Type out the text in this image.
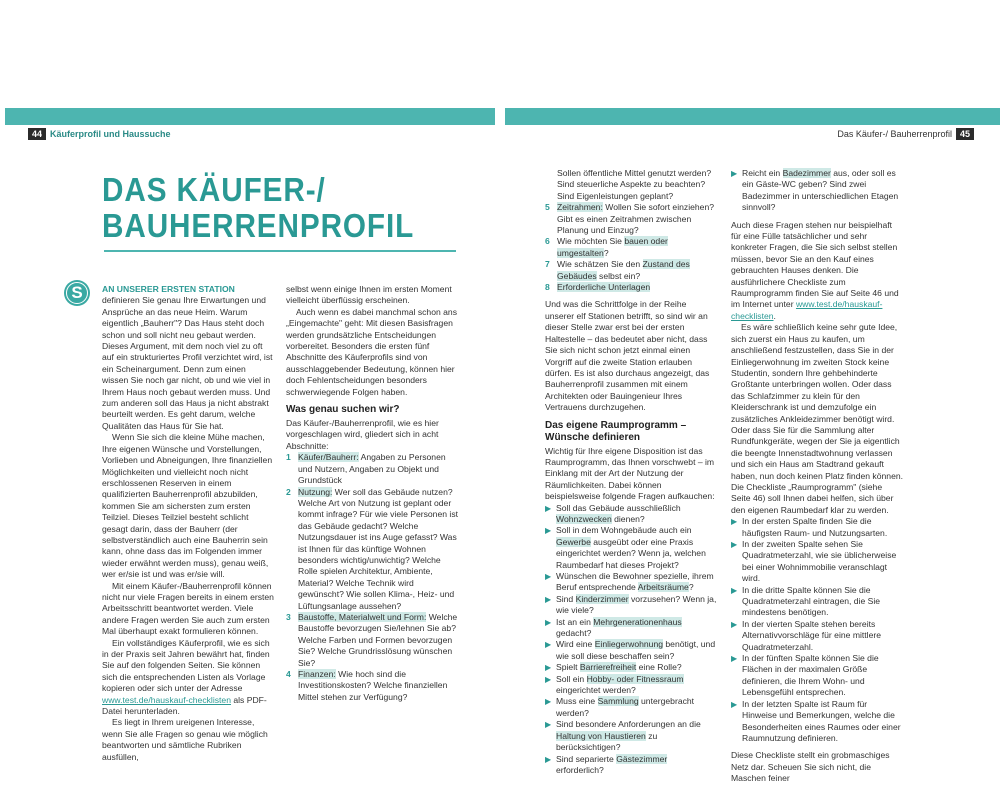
44 Käuferprofil und Haussuche	Das Käufer-/ Bauherrenprofil 45
DAS KÄUFER-/
BAUHERRENPROFIL
S	AN UNSERER ERSTEN STATION definieren Sie genau Ihre Erwartungen und Ansprüche an das neue Heim. Warum eigentlich „Bauherr"? Das Haus steht doch schon und soll nicht neu gebaut werden. Dieses Argument, mit dem noch viel zu oft auf ein strukturiertes Profil verzichtet wird, ist ein Scheinargument. Denn zum einen wissen Sie noch gar nicht, ob und wie viel in Ihrem Haus noch gebaut werden muss. Und zum anderen soll das Haus ja nicht abstrakt beurteilt werden. Es geht darum, welche Qualitäten das Haus für Sie hat.

Wenn Sie sich die kleine Mühe machen, Ihre eigenen Wünsche und Vorstellungen, Vorlieben und Abneigungen, Ihre finanziellen Möglichkeiten und vielleicht noch nicht erschlossenen Reserven in einem qualifizierten Bauherrenprofil abzubilden, kommen Sie am sichersten zum ersten Teilziel. Dieses Teilziel besteht schlicht gesagt darin, dass der Bauherr (der selbstverständlich auch eine Bauherrin sein kann, ohne dass das im Folgenden immer wieder erwähnt werden muss), genau weiß, wer er/sie ist und was er/sie will.

Mit einem Käufer-/Bauherrenprofil können nicht nur viele Fragen bereits in einem ersten Arbeitsschritt beantwortet werden. Viele andere Fragen werden Sie auch zum ersten Mal überhaupt exakt formulieren können.

Ein vollständiges Käuferprofil, wie es sich in der Praxis seit Jahren bewährt hat, finden Sie auf den folgenden Seiten. Sie können sich die entsprechenden Listen als Vorlage kopieren oder sich unter der Adresse www.test.de/hauskauf-checklisten als PDF-Datei herunterladen.

Es liegt in Ihrem ureigenen Interesse, wenn Sie alle Fragen so genau wie möglich beantworten und sämtliche Rubriken ausfüllen,

selbst wenn einige Ihnen im ersten Moment vielleicht überflüssig erscheinen.

Auch wenn es dabei manchmal schon ans „Eingemachte" geht: Mit diesen Basisfragen werden grundsätzliche Entscheidungen vorbereitet. Besonders die ersten fünf Abschnitte des Käuferprofils sind von ausschlaggebender Bedeutung, können hier doch Fehlentscheidungen besonders schwerwiegende Folgen haben.

Was genau suchen wir?

Das Käufer-/Bauherrenprofil, wie es hier vorgeschlagen wird, gliedert sich in acht Abschnitte:

1 Käufer/Bauherr: Angaben zu Personen und Nutzern, Angaben zu Objekt und Grundstück
2 Nutzung: Wer soll das Gebäude nutzen? Welche Art von Nutzung ist geplant oder kommt infrage? Für wie viele Personen ist das Gebäude gedacht? Welche Nutzungsdauer ist ins Auge gefasst? Was ist Ihnen für das künftige Wohnen besonders wichtig/unwichtig? Welche Rolle spielen Architektur, Ambiente, Material? Welche Technik wird gewünscht? Wie sollen Klima-, Heiz- und Lüftungsanlage aussehen?
3 Baustoffe, Materialwelt und Form: Welche Baustoffe bevorzugen Sie/lehnen Sie ab? Welche Farben und Formen bevorzugen Sie? Welche Grundrisslösung wünschen Sie?
4 Finanzen: Wie hoch sind die Investitionskosten? Welche finanziellen Mittel stehen zur Verfügung?

Sollen öffentliche Mittel genutzt werden? Sind steuerliche Aspekte zu beachten? Sind Eigenleistungen geplant?

5 Zeitrahmen: Wollen Sie sofort einziehen? Gibt es einen Zeitrahmen zwischen Planung und Einzug?
6 Wie möchten Sie bauen oder umgestalten?
7 Wie schätzen Sie den Zustand des Gebäudes selbst ein?
8 Erforderliche Unterlagen

Und was die Schrittfolge in der Reihe unserer elf Stationen betrifft, so sind wir an dieser Stelle zwar erst bei der ersten Haltestelle – das bedeutet aber nicht, dass Sie sich nicht schon jetzt einmal einen Vorgriff auf die zweite Station erlauben dürfen. Es ist also durchaus angezeigt, das Bauherrenprofil zusammen mit einem Architekten oder Bauingenieur Ihres Vertrauens durchzugehen.

Das eigene Raumprogramm – Wünsche definieren

Wichtig für Ihre eigene Disposition ist das Raumprogramm, das Ihnen vorschwebt – im Einklang mit der Art der Nutzung der Räumlichkeiten. Dabei können beispielsweise folgende Fragen aufkauchen:

▶ Soll das Gebäude ausschließlich Wohnzwecken dienen?
▶ Soll in dem Wohngebäude auch ein Gewerbe ausgeübt oder eine Praxis eingerichtet werden? Wenn ja, welchen Raumbedarf hat dieses Projekt?
▶ Wünschen die Bewohner spezielle, ihrem Beruf entsprechende Arbeitsräume?
▶ Sind Kinderzimmer vorzusehen? Wenn ja, wie viele?
▶ Ist an ein Mehrgenerationenhaus gedacht?
▶ Wird eine Einliegerwohnung benötigt, und wie soll diese beschaffen sein?
▶ Spielt Barrierefreiheit eine Rolle?
▶ Soll ein Hobby- oder Fitnessraum eingerichtet werden?
▶ Muss eine Sammlung untergebracht werden?
▶ Sind besondere Anforderungen an die Haltung von Haustieren zu berücksichtigen?
▶ Sind separierte Gästezimmer erforderlich?
▶ Reicht ein Badezimmer aus, oder soll es ein Gäste-WC geben? Sind zwei Badezimmer in unterschiedlichen Etagen sinnvoll?

Auch diese Fragen stehen nur beispielhaft für eine Fülle tatsächlicher und sehr konkreter Fragen, die Sie sich selbst stellen müssen, bevor Sie an den Kauf eines gebrauchten Hauses denken. Die ausführlichere Checkliste zum Raumprogramm finden Sie auf Seite 46 und im Internet unter www.test.de/hauskauf-checklisten.

Es wäre schließlich keine sehr gute Idee, sich zuerst ein Haus zu kaufen, um anschließend festzustellen, dass Sie in der Einliegerwohnung im zweiten Stock keine Studentin, sondern Ihre gehbehinderte Großtante unterbringen wollen. Oder dass das Schlafzimmer zu klein für den Kleiderschrank ist und demzufolge ein zusätzliches Ankleidezimmer benötigt wird. Oder dass Sie für die Sammlung alter Rundfunkgeräte, wegen der Sie ja eigentlich die beengte Innenstadtwohnung verlassen und sich ein Haus am Stadtrand gekauft haben, nun doch keinen Platz finden können. Die Checkliste „Raumprogramm" (siehe Seite 46) soll Ihnen dabei helfen, sich über den eigenen Raumbedarf klar zu werden.

▶ In der ersten Spalte finden Sie die häufigsten Raum- und Nutzungsarten.
▶ In der zweiten Spalte sehen Sie Quadratmeterzahl, wie sie üblicherweise bei einer Wohnimmobilie veranschlagt wird.
▶ In die dritte Spalte können Sie die Quadratmeterzahl eintragen, die Sie mindestens benötigen.
▶ In der vierten Spalte stehen bereits Alternativvorschläge für eine mittlere Quadratmeterzahl.
▶ In der fünften Spalte können Sie die Flächen in der maximalen Größe definieren, die Ihrem Wohn- und Lebensgefühl entsprechen.
▶ In der letzten Spalte ist Raum für Hinweise und Bemerkungen, welche die Besonderheiten eines Raumes oder einer Raumnutzung definieren.

Diese Checkliste stellt ein grobmaschiges Netz dar. Scheuen Sie sich nicht, die Maschen feiner
